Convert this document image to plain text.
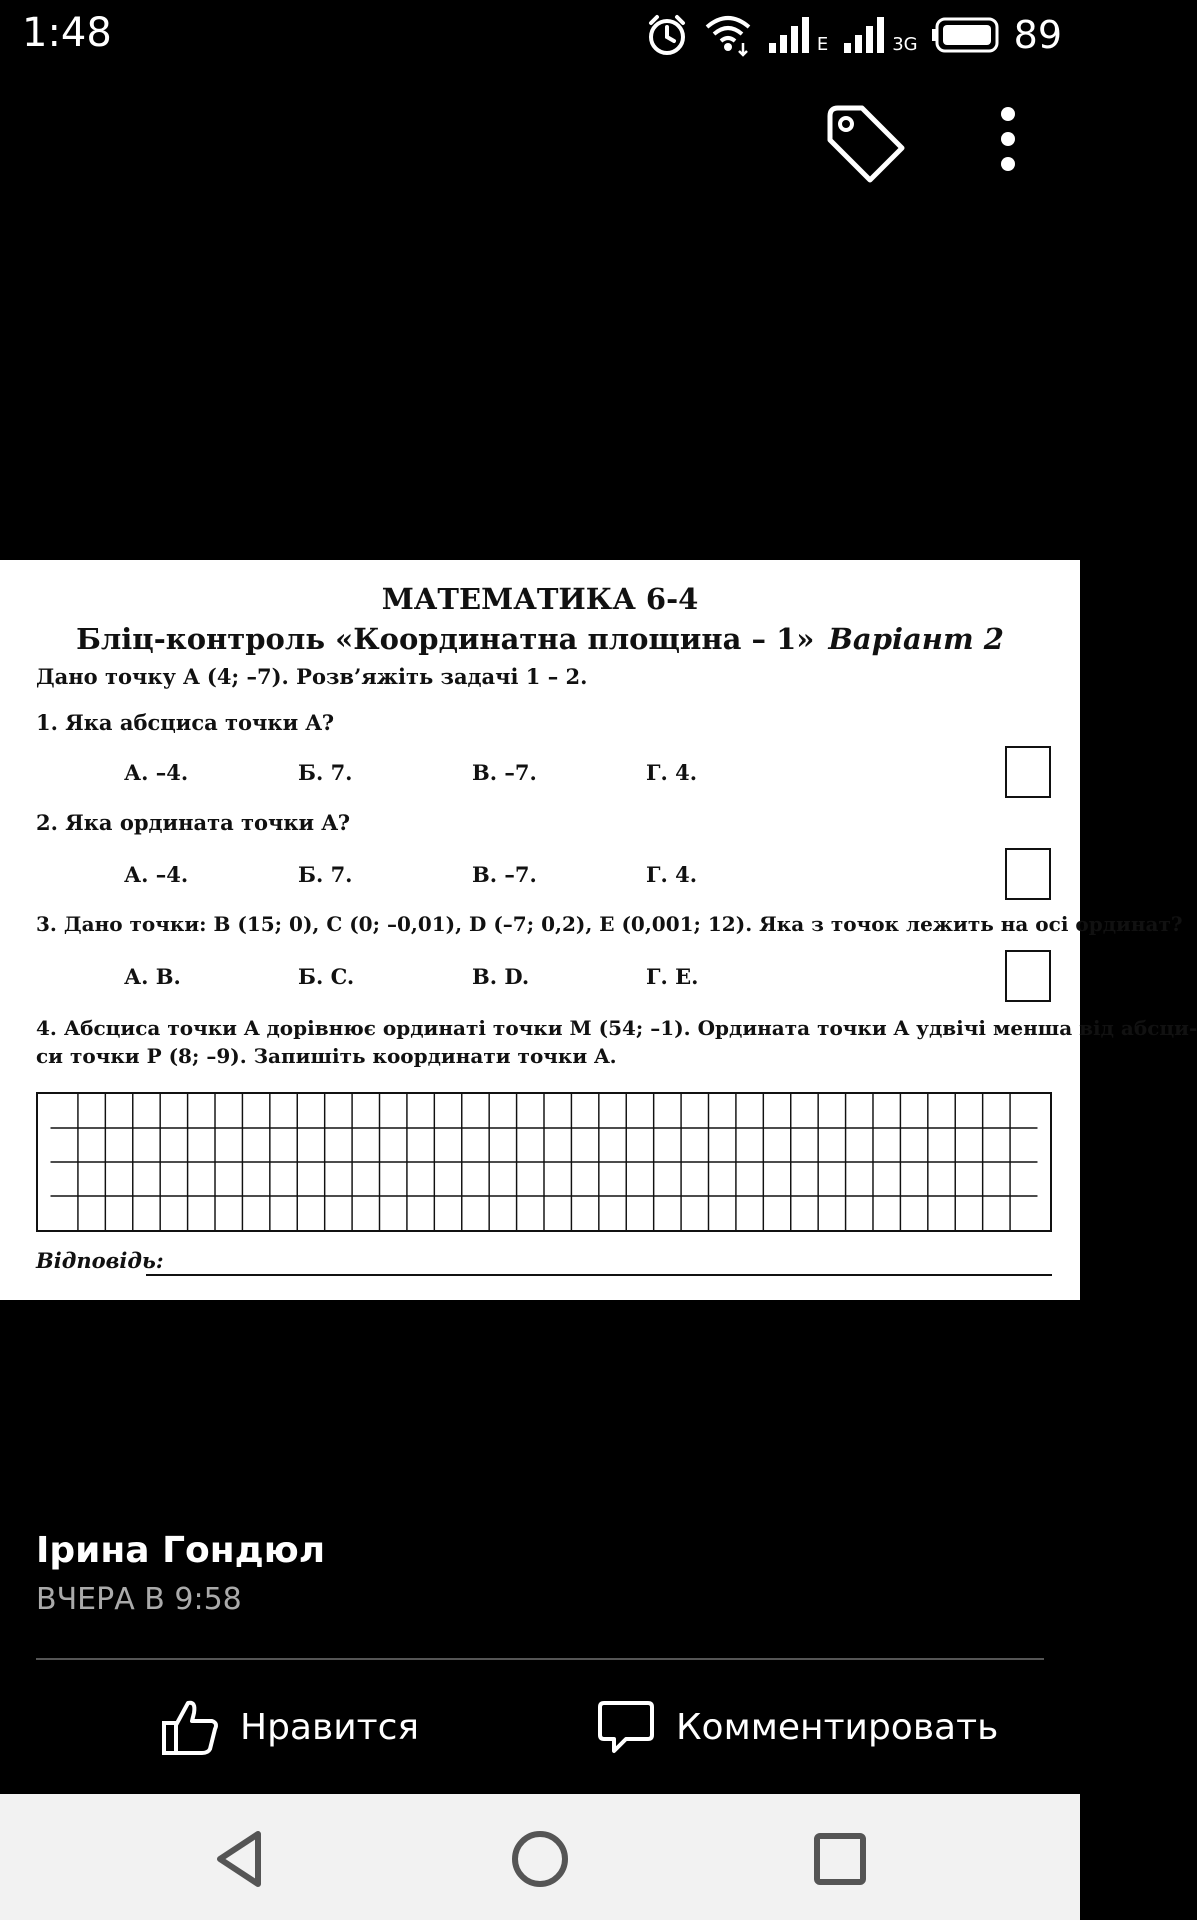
1:48	E	3G	89
МАТЕМАТИКА 6-4
Бліц-контроль «Координатна площина – 1» Варіант 2
Дано точку A (4; –7). Розв’яжіть задачі 1 – 2.
1. Яка абсциса точки A?
А. –4.	Б. 7.	В. –7.	Г. 4.
2. Яка ордината точки A?
А. –4.	Б. 7.	В. –7.	Г. 4.
3. Дано точки: B (15; 0), C (0; –0,01), D (–7; 0,2), E (0,001; 12). Яка з точок лежить на осі ординат?
А. B.	Б. C.	В. D.	Г. E.
4. Абсциса точки A дорівнює ординаті точки M (54; –1). Ордината точки A удвічі менша від абсци-
си точки P (8; –9). Запишіть координати точки A.
Відповідь:
Ірина Гондюл
ВЧЕРА В 9:58
Нравится	Комментировать
